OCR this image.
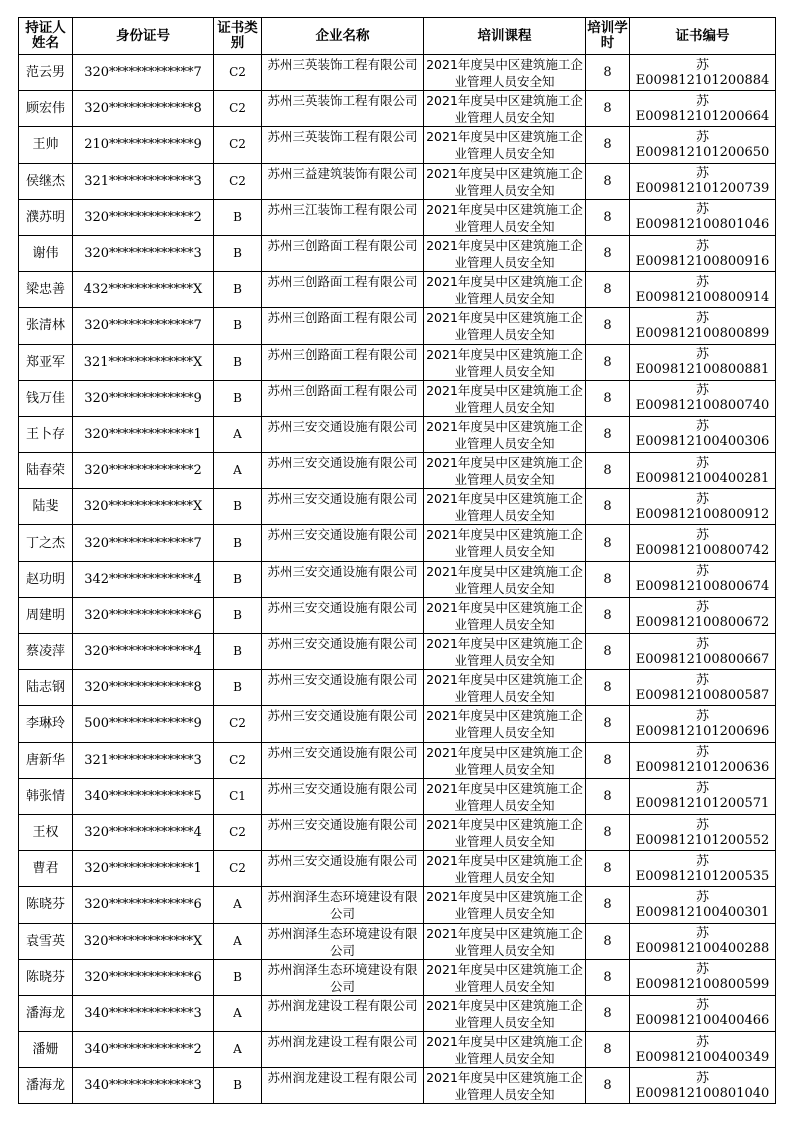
持证人姓名	身份证号	证书类别	企业名称	培训课程	培训学时	证书编号
范云男	320*************7	C2	苏州三英装饰工程有限公司	2021年度吴中区建筑施工企业管理人员安全知	8	苏E009812101200884
顾宏伟	320*************8	C2	苏州三英装饰工程有限公司	2021年度吴中区建筑施工企业管理人员安全知	8	苏E009812101200664
王帅	210*************9	C2	苏州三英装饰工程有限公司	2021年度吴中区建筑施工企业管理人员安全知	8	苏E009812101200650
侯继杰	321*************3	C2	苏州三益建筑装饰有限公司	2021年度吴中区建筑施工企业管理人员安全知	8	苏E009812101200739
濮苏明	320*************2	B	苏州三江装饰工程有限公司	2021年度吴中区建筑施工企业管理人员安全知	8	苏E009812100801046
谢伟	320*************3	B	苏州三创路面工程有限公司	2021年度吴中区建筑施工企业管理人员安全知	8	苏E009812100800916
梁忠善	432*************X	B	苏州三创路面工程有限公司	2021年度吴中区建筑施工企业管理人员安全知	8	苏E009812100800914
张清林	320*************7	B	苏州三创路面工程有限公司	2021年度吴中区建筑施工企业管理人员安全知	8	苏E009812100800899
郑亚军	321*************X	B	苏州三创路面工程有限公司	2021年度吴中区建筑施工企业管理人员安全知	8	苏E009812100800881
钱万佳	320*************9	B	苏州三创路面工程有限公司	2021年度吴中区建筑施工企业管理人员安全知	8	苏E009812100800740
王卜存	320*************1	A	苏州三安交通设施有限公司	2021年度吴中区建筑施工企业管理人员安全知	8	苏E009812100400306
陆春荣	320*************2	A	苏州三安交通设施有限公司	2021年度吴中区建筑施工企业管理人员安全知	8	苏E009812100400281
陆斐	320*************X	B	苏州三安交通设施有限公司	2021年度吴中区建筑施工企业管理人员安全知	8	苏E009812100800912
丁之杰	320*************7	B	苏州三安交通设施有限公司	2021年度吴中区建筑施工企业管理人员安全知	8	苏E009812100800742
赵功明	342*************4	B	苏州三安交通设施有限公司	2021年度吴中区建筑施工企业管理人员安全知	8	苏E009812100800674
周建明	320*************6	B	苏州三安交通设施有限公司	2021年度吴中区建筑施工企业管理人员安全知	8	苏E009812100800672
蔡凌萍	320*************4	B	苏州三安交通设施有限公司	2021年度吴中区建筑施工企业管理人员安全知	8	苏E009812100800667
陆志钢	320*************8	B	苏州三安交通设施有限公司	2021年度吴中区建筑施工企业管理人员安全知	8	苏E009812100800587
李琳玲	500*************9	C2	苏州三安交通设施有限公司	2021年度吴中区建筑施工企业管理人员安全知	8	苏E009812101200696
唐新华	321*************3	C2	苏州三安交通设施有限公司	2021年度吴中区建筑施工企业管理人员安全知	8	苏E009812101200636
韩张情	340*************5	C1	苏州三安交通设施有限公司	2021年度吴中区建筑施工企业管理人员安全知	8	苏E009812101200571
王权	320*************4	C2	苏州三安交通设施有限公司	2021年度吴中区建筑施工企业管理人员安全知	8	苏E009812101200552
曹君	320*************1	C2	苏州三安交通设施有限公司	2021年度吴中区建筑施工企业管理人员安全知	8	苏E009812101200535
陈晓芬	320*************6	A	苏州润泽生态环境建设有限公司	2021年度吴中区建筑施工企业管理人员安全知	8	苏E009812100400301
袁雪英	320*************X	A	苏州润泽生态环境建设有限公司	2021年度吴中区建筑施工企业管理人员安全知	8	苏E009812100400288
陈晓芬	320*************6	B	苏州润泽生态环境建设有限公司	2021年度吴中区建筑施工企业管理人员安全知	8	苏E009812100800599
潘海龙	340*************3	A	苏州润龙建设工程有限公司	2021年度吴中区建筑施工企业管理人员安全知	8	苏E009812100400466
潘姗	340*************2	A	苏州润龙建设工程有限公司	2021年度吴中区建筑施工企业管理人员安全知	8	苏E009812100400349
潘海龙	340*************3	B	苏州润龙建设工程有限公司	2021年度吴中区建筑施工企业管理人员安全知	8	苏E009812100801040
